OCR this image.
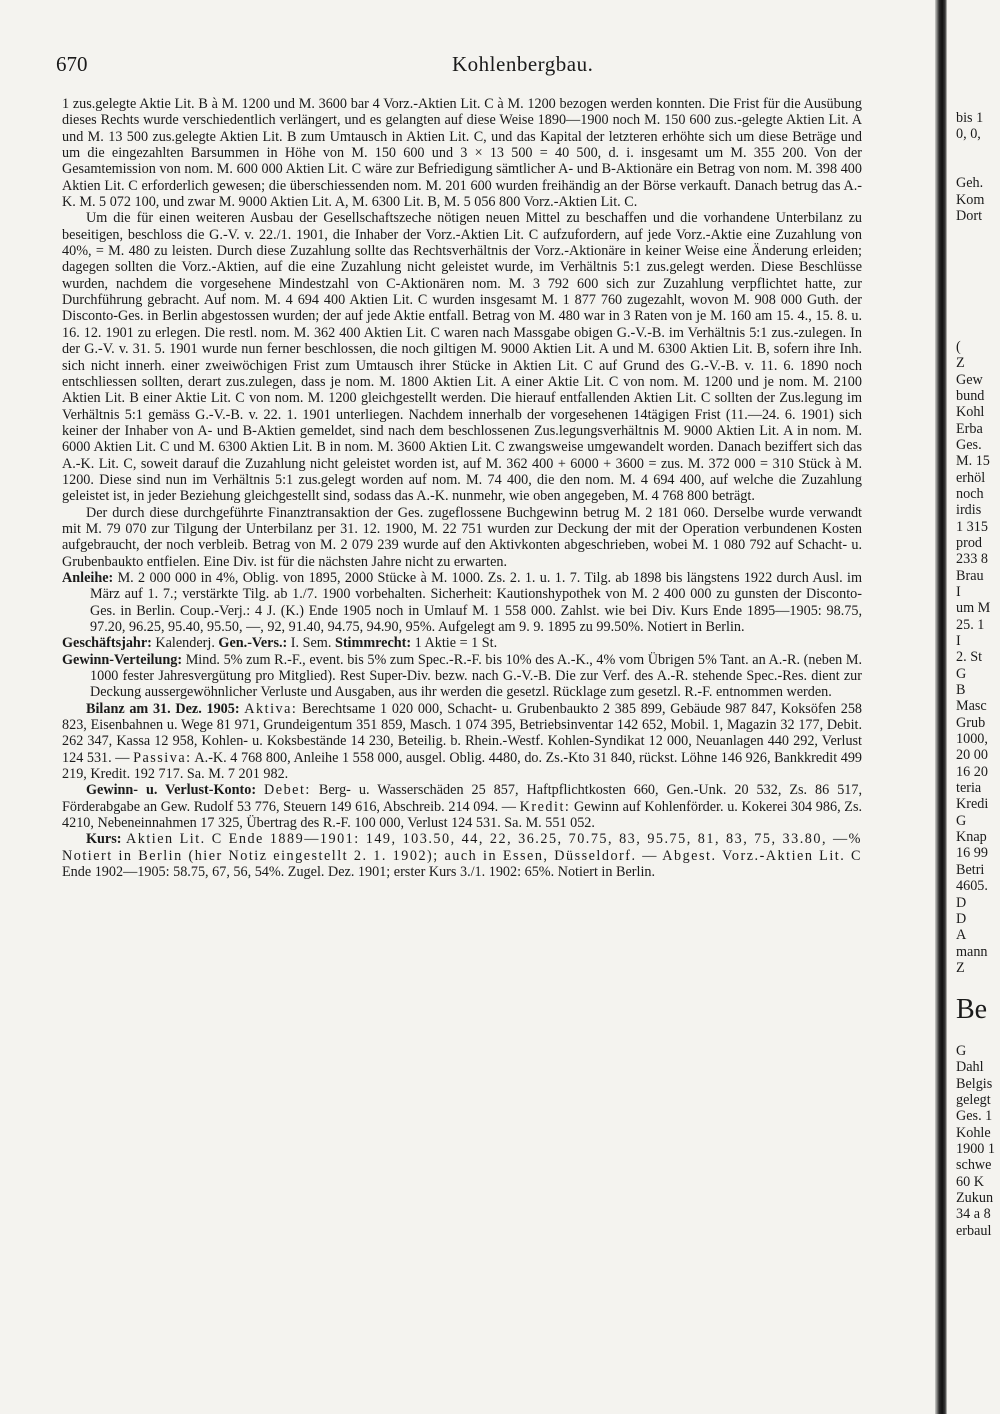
670	Kohlenbergbau.

1 zus.gelegte Aktie Lit. B à M. 1200 und M. 3600 bar 4 Vorz.-Aktien Lit. C à M. 1200 bezogen werden konnten. Die Frist für die Ausübung dieses Rechts wurde verschiedentlich verlängert, und es gelangten auf diese Weise 1890—1900 noch M. 150 600 zus.-gelegte Aktien Lit. A und M. 13 500 zus.gelegte Aktien Lit. B zum Umtausch in Aktien Lit. C, und das Kapital der letzteren erhöhte sich um diese Beträge und um die eingezahlten Barsummen in Höhe von M. 150 600 und 3 × 13 500 = 40 500, d. i. insgesamt um M. 355 200. Von der Gesamtemission von nom. M. 600 000 Aktien Lit. C wäre zur Befriedigung sämtlicher A- und B-Aktionäre ein Betrag von nom. M. 398 400 Aktien Lit. C erforderlich gewesen; die überschiessenden nom. M. 201 600 wurden freihändig an der Börse verkauft. Danach betrug das A.-K. M. 5 072 100, und zwar M. 9000 Aktien Lit. A, M. 6300 Lit. B, M. 5 056 800 Vorz.-Aktien Lit. C.

Um die für einen weiteren Ausbau der Gesellschaftszeche nötigen neuen Mittel zu beschaffen und die vorhandene Unterbilanz zu beseitigen, beschloss die G.-V. v. 22./1. 1901, die Inhaber der Vorz.-Aktien Lit. C aufzufordern, auf jede Vorz.-Aktie eine Zuzahlung von 40%, = M. 480 zu leisten. Durch diese Zuzahlung sollte das Rechtsverhältnis der Vorz.-Aktionäre in keiner Weise eine Änderung erleiden; dagegen sollten die Vorz.-Aktien, auf die eine Zuzahlung nicht geleistet wurde, im Verhältnis 5:1 zus.gelegt werden. Diese Beschlüsse wurden, nachdem die vorgesehene Mindestzahl von C-Aktionären nom. M. 3 792 600 sich zur Zuzahlung verpflichtet hatte, zur Durchführung gebracht. Auf nom. M. 4 694 400 Aktien Lit. C wurden insgesamt M. 1 877 760 zugezahlt, wovon M. 908 000 Guth. der Disconto-Ges. in Berlin abgestossen wurden; der auf jede Aktie entfall. Betrag von M. 480 war in 3 Raten von je M. 160 am 15. 4., 15. 8. u. 16. 12. 1901 zu erlegen. Die restl. nom. M. 362 400 Aktien Lit. C waren nach Massgabe obigen G.-V.-B. im Verhältnis 5:1 zus.-zulegen. In der G.-V. v. 31. 5. 1901 wurde nun ferner beschlossen, die noch giltigen M. 9000 Aktien Lit. A und M. 6300 Aktien Lit. B, sofern ihre Inh. sich nicht innerh. einer zweiwöchigen Frist zum Umtausch ihrer Stücke in Aktien Lit. C auf Grund des G.-V.-B. v. 11. 6. 1890 noch entschliessen sollten, derart zus.zulegen, dass je nom. M. 1800 Aktien Lit. A einer Aktie Lit. C von nom. M. 1200 und je nom. M. 2100 Aktien Lit. B einer Aktie Lit. C von nom. M. 1200 gleichgestellt werden. Die hierauf entfallenden Aktien Lit. C sollten der Zus.legung im Verhältnis 5:1 gemäss G.-V.-B. v. 22. 1. 1901 unterliegen. Nachdem innerhalb der vorgesehenen 14tägigen Frist (11.—24. 6. 1901) sich keiner der Inhaber von A- und B-Aktien gemeldet, sind nach dem beschlossenen Zus.legungsverhältnis M. 9000 Aktien Lit. A in nom. M. 6000 Aktien Lit. C und M. 6300 Aktien Lit. B in nom. M. 3600 Aktien Lit. C zwangsweise umgewandelt worden. Danach beziffert sich das A.-K. Lit. C, soweit darauf die Zuzahlung nicht geleistet worden ist, auf M. 362 400 + 6000 + 3600 = zus. M. 372 000 = 310 Stück à M. 1200. Diese sind nun im Verhältnis 5:1 zus.gelegt worden auf nom. M. 74 400, die den nom. M. 4 694 400, auf welche die Zuzahlung geleistet ist, in jeder Beziehung gleichgestellt sind, sodass das A.-K. nunmehr, wie oben angegeben, M. 4 768 800 beträgt.

Der durch diese durchgeführte Finanztransaktion der Ges. zugeflossene Buchgewinn betrug M. 2 181 060. Derselbe wurde verwandt mit M. 79 070 zur Tilgung der Unterbilanz per 31. 12. 1900, M. 22 751 wurden zur Deckung der mit der Operation verbundenen Kosten aufgebraucht, der noch verbleib. Betrag von M. 2 079 239 wurde auf den Aktivkonten abgeschrieben, wobei M. 1 080 792 auf Schacht- u. Grubenbaukto entfielen. Eine Div. ist für die nächsten Jahre nicht zu erwarten.

Anleihe: M. 2 000 000 in 4%, Oblig. von 1895, 2000 Stücke à M. 1000. Zs. 2. 1. u. 1. 7. Tilg. ab 1898 bis längstens 1922 durch Ausl. im März auf 1. 7.; verstärkte Tilg. ab 1./7. 1900 vorbehalten. Sicherheit: Kautionshypothek von M. 2 400 000 zu gunsten der Disconto-Ges. in Berlin. Coup.-Verj.: 4 J. (K.) Ende 1905 noch in Umlauf M. 1 558 000. Zahlst. wie bei Div. Kurs Ende 1895—1905: 98.75, 97.20, 96.25, 95.40, 95.50, —, 92, 91.40, 94.75, 94.90, 95%. Aufgelegt am 9. 9. 1895 zu 99.50%. Notiert in Berlin.

Geschäftsjahr: Kalenderj. Gen.-Vers.: I. Sem. Stimmrecht: 1 Aktie = 1 St.

Gewinn-Verteilung: Mind. 5% zum R.-F., event. bis 5% zum Spec.-R.-F. bis 10% des A.-K., 4% vom Übrigen 5% Tant. an A.-R. (neben M. 1000 fester Jahresvergütung pro Mitglied). Rest Super-Div. bezw. nach G.-V.-B. Die zur Verf. des A.-R. stehende Spec.-Res. dient zur Deckung aussergewöhnlicher Verluste und Ausgaben, aus ihr werden die gesetzl. Rücklage zum gesetzl. R.-F. entnommen werden.

Bilanz am 31. Dez. 1905: Aktiva: Berechtsame 1 020 000, Schacht- u. Grubenbaukto 2 385 899, Gebäude 987 847, Koksöfen 258 823, Eisenbahnen u. Wege 81 971, Grundeigentum 351 859, Masch. 1 074 395, Betriebsinventar 142 652, Mobil. 1, Magazin 32 177, Debit. 262 347, Kassa 12 958, Kohlen- u. Koksbestände 14 230, Beteilig. b. Rhein.-Westf. Kohlen-Syndikat 12 000, Neuanlagen 440 292, Verlust 124 531. — Passiva: A.-K. 4 768 800, Anleihe 1 558 000, ausgel. Oblig. 4480, do. Zs.-Kto 31 840, rückst. Löhne 146 926, Bankkredit 499 219, Kredit. 192 717. Sa. M. 7 201 982.

Gewinn- u. Verlust-Konto: Debet: Berg- u. Wasserschäden 25 857, Haftpflichtkosten 660, Gen.-Unk. 20 532, Zs. 86 517, Förderabgabe an Gew. Rudolf 53 776, Steuern 149 616, Abschreib. 214 094. — Kredit: Gewinn auf Kohlenförder. u. Kokerei 304 986, Zs. 4210, Nebeneinnahmen 17 325, Übertrag des R.-F. 100 000, Verlust 124 531. Sa. M. 551 052.

Kurs: Aktien Lit. C Ende 1889—1901: 149, 103.50, 44, 22, 36.25, 70.75, 83, 95.75, 81, 83, 75, 33.80, —% Notiert in Berlin (hier Notiz eingestellt 2. 1. 1902); auch in Essen, Düsseldorf. — Abgest. Vorz.-Aktien Lit. C Ende 1902—1905: 58.75, 67, 56, 54%. Zugel. Dez. 1901; erster Kurs 3./1. 1902: 65%. Notiert in Berlin.

bis 1
0, 0,
Geh.
Kom
Dort
(
Z
Gew
bund
Kohl
Erba
Ges.
M. 15
erhöl
noch
irdis
1 315
prod
233 8
Brau
I
um M
25. 1
I
2. St
G
B
Masc
Grub
1000,
20 00
16 20
teria
Kredi
G
Knap
16 99
Betri
4605.
D
D
A
mann
Z
Be
G
Dahl
Belgis
gelegt
Ges. 1
Kohle
1900 1
schwe
60 K
Zukun
34 a 8
erbaul
